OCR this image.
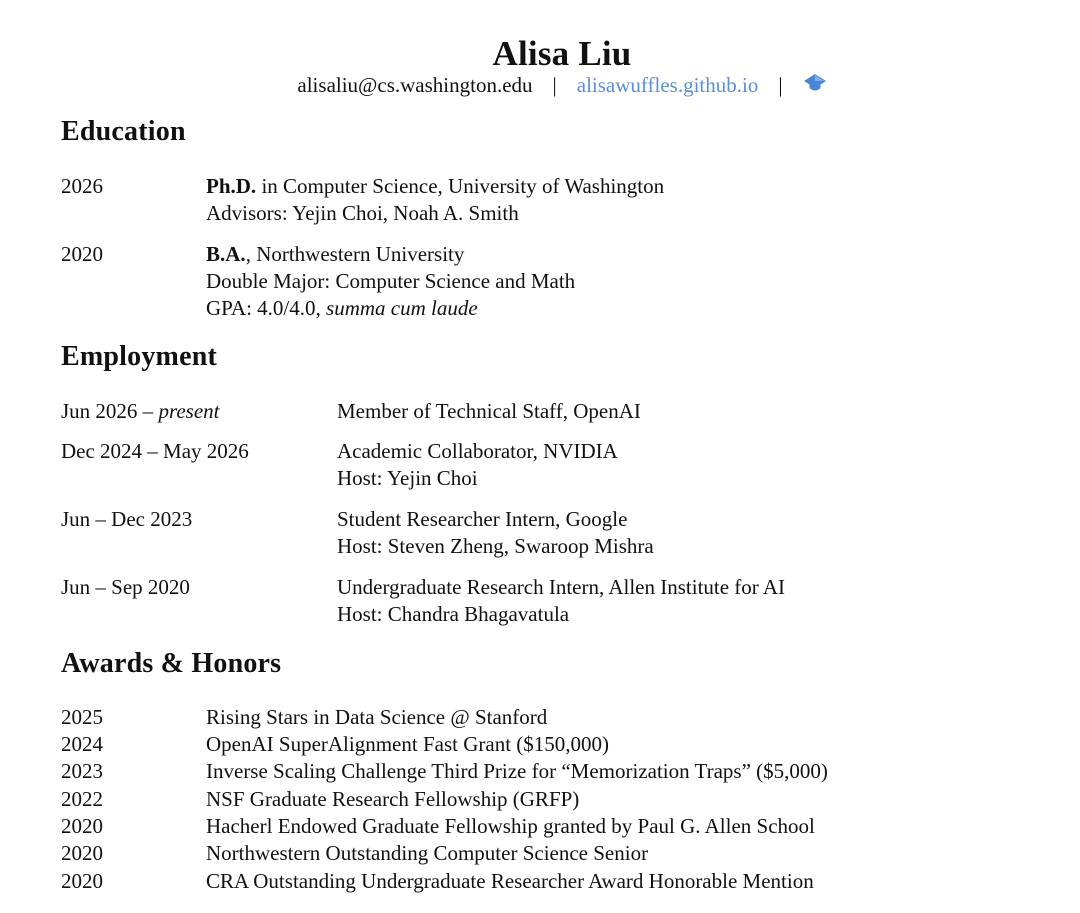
Alisa Liu
alisaliu@cs.washington.edu | alisawuffles.github.io |
Education
2026	Ph.D. in Computer Science, University of Washington
Advisors: Yejin Choi, Noah A. Smith
2020	B.A., Northwestern University
Double Major: Computer Science and Math
GPA: 4.0/4.0, summa cum laude
Employment
Jun 2026 – present	Member of Technical Staff, OpenAI
Dec 2024 – May 2026	Academic Collaborator, NVIDIA
Host: Yejin Choi
Jun – Dec 2023	Student Researcher Intern, Google
Host: Steven Zheng, Swaroop Mishra
Jun – Sep 2020	Undergraduate Research Intern, Allen Institute for AI
Host: Chandra Bhagavatula
Awards & Honors
2025	Rising Stars in Data Science @ Stanford
2024	OpenAI SuperAlignment Fast Grant ($150,000)
2023	Inverse Scaling Challenge Third Prize for “Memorization Traps” ($5,000)
2022	NSF Graduate Research Fellowship (GRFP)
2020	Hacherl Endowed Graduate Fellowship granted by Paul G. Allen School
2020	Northwestern Outstanding Computer Science Senior
2020	CRA Outstanding Undergraduate Researcher Award Honorable Mention
